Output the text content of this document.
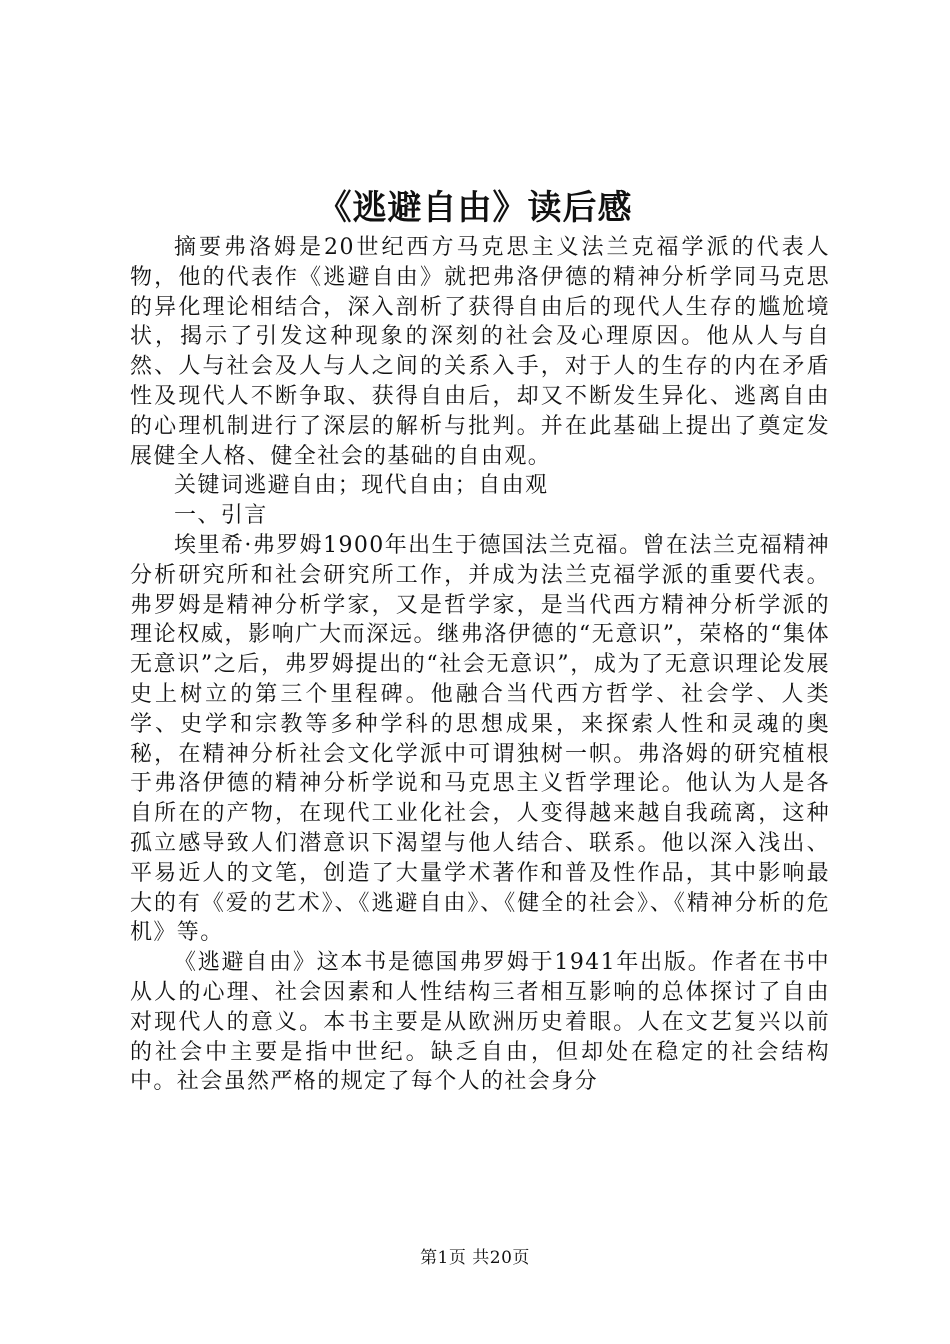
《逃避自由》读后感

摘要弗洛姆是20世纪西方马克思主义法兰克福学派的代表人物，他的代表作《逃避自由》就把弗洛伊德的精神分析学同马克思的异化理论相结合，深入剖析了获得自由后的现代人生存的尴尬境状，揭示了引发这种现象的深刻的社会及心理原因。他从人与自然、人与社会及人与人之间的关系入手，对于人的生存的内在矛盾性及现代人不断争取、获得自由后，却又不断发生异化、逃离自由的心理机制进行了深层的解析与批判。并在此基础上提出了奠定发展健全人格、健全社会的基础的自由观。

关键词逃避自由；现代自由；自由观

一、引言

埃里希·弗罗姆1900年出生于德国法兰克福。曾在法兰克福精神分析研究所和社会研究所工作，并成为法兰克福学派的重要代表。弗罗姆是精神分析学家，又是哲学家，是当代西方精神分析学派的理论权威，影响广大而深远。继弗洛伊德的“无意识”，荣格的“集体无意识”之后，弗罗姆提出的“社会无意识”，成为了无意识理论发展史上树立的第三个里程碑。他融合当代西方哲学、社会学、人类学、史学和宗教等多种学科的思想成果，来探索人性和灵魂的奥秘，在精神分析社会文化学派中可谓独树一帜。弗洛姆的研究植根于弗洛伊德的精神分析学说和马克思主义哲学理论。他认为人是各自所在的产物，在现代工业化社会，人变得越来越自我疏离，这种孤立感导致人们潜意识下渴望与他人结合、联系。他以深入浅出、平易近人的文笔，创造了大量学术著作和普及性作品，其中影响最大的有《爱的艺术》、《逃避自由》、《健全的社会》、《精神分析的危机》等。

《逃避自由》这本书是德国弗罗姆于1941年出版。作者在书中从人的心理、社会因素和人性结构三者相互影响的总体探讨了自由对现代人的意义。本书主要是从欧洲历史着眼。人在文艺复兴以前的社会中主要是指中世纪。缺乏自由，但却处在稳定的社会结构中。社会虽然严格的规定了每个人的社会身分

第1页 共20页
